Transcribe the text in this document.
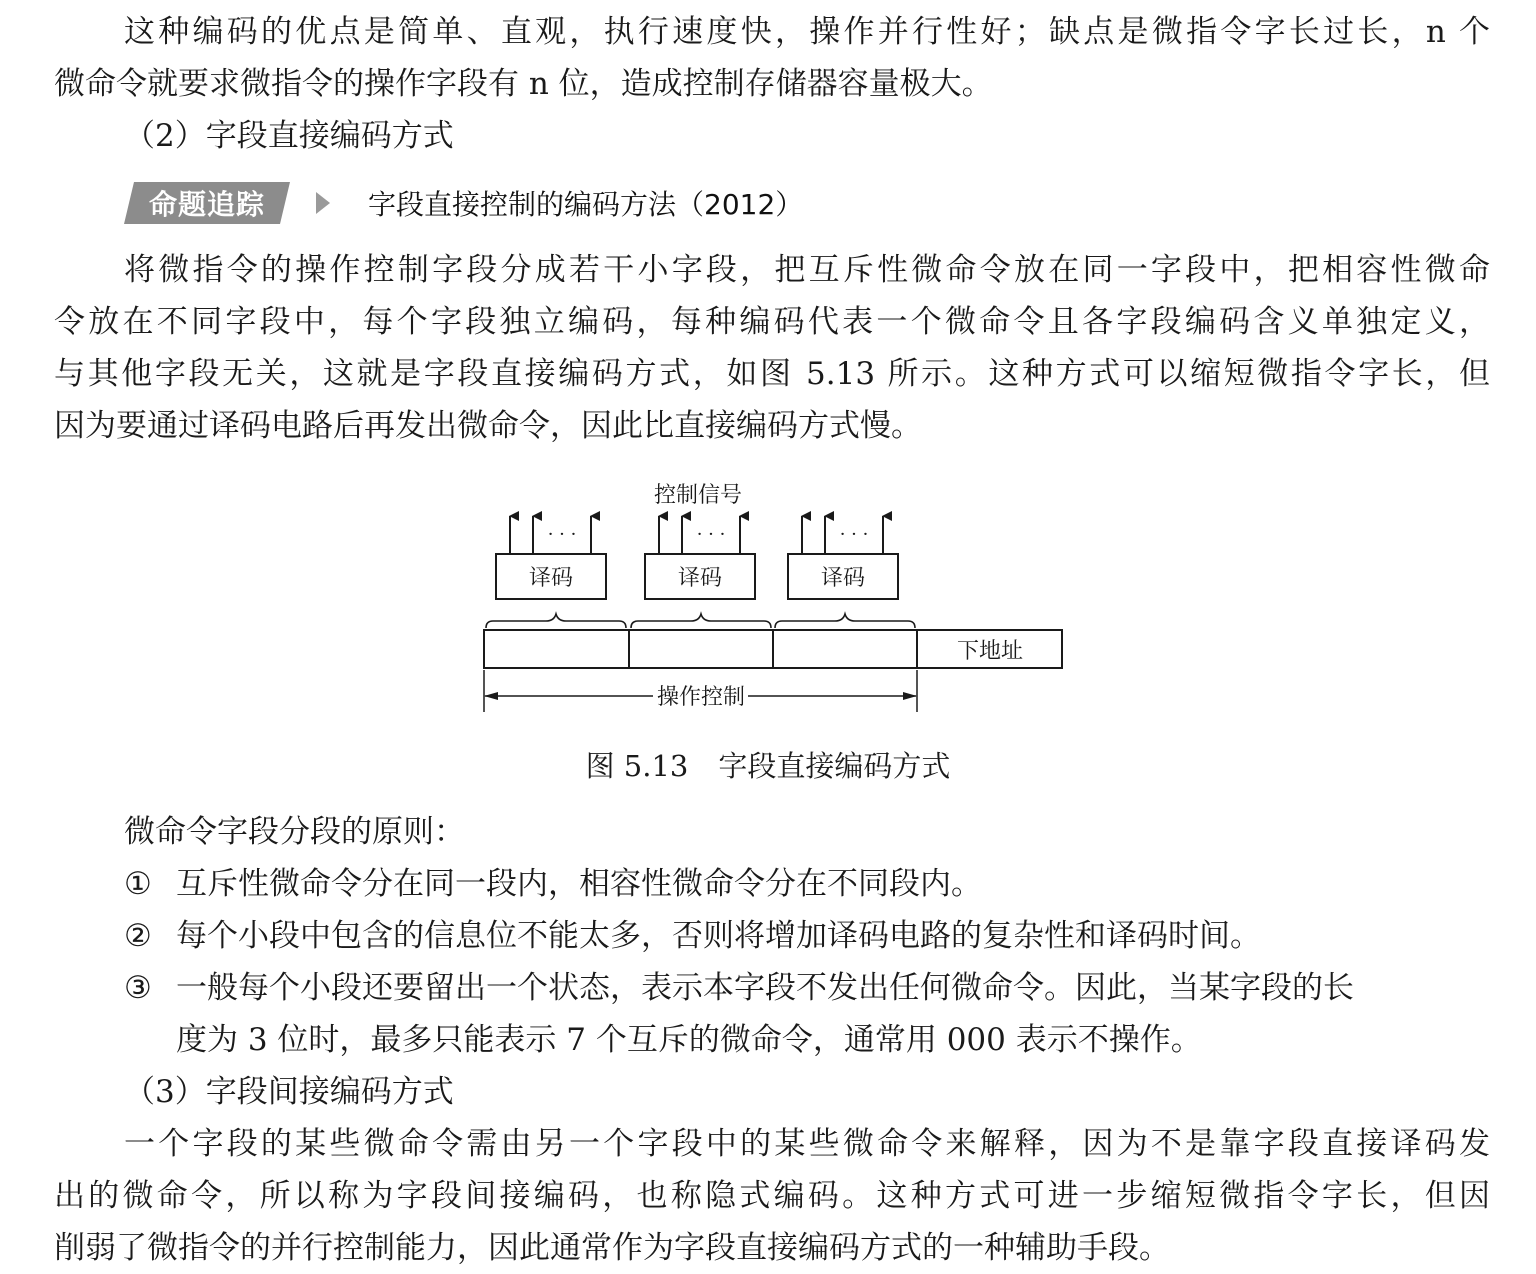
这种编码的优点是简单、直观，执行速度快，操作并行性好；缺点是微指令字长过长，n 个
微命令就要求微指令的操作字段有 n 位，造成控制存储器容量极大。
（2）字段直接编码方式
命题追踪	字段直接控制的编码方法（2012）
将微指令的操作控制字段分成若干小字段，把互斥性微命令放在同一字段中，把相容性微命
令放在不同字段中，每个字段独立编码，每种编码代表一个微命令且各字段编码含义单独定义，
与其他字段无关，这就是字段直接编码方式，如图 5.13 所示。这种方式可以缩短微指令字长，但
因为要通过译码电路后再发出微命令，因此比直接编码方式慢。
控制信号
· · ·
译码
· · ·
译码
· · ·
译码
下地址
操作控制
图 5.13 字段直接编码方式
微命令字段分段的原则：
① 互斥性微命令分在同一段内，相容性微命令分在不同段内。
② 每个小段中包含的信息位不能太多，否则将增加译码电路的复杂性和译码时间。
③ 一般每个小段还要留出一个状态，表示本字段不发出任何微命令。因此，当某字段的长
度为 3 位时，最多只能表示 7 个互斥的微命令，通常用 000 表示不操作。
（3）字段间接编码方式
一个字段的某些微命令需由另一个字段中的某些微命令来解释，因为不是靠字段直接译码发
出的微命令，所以称为字段间接编码，也称隐式编码。这种方式可进一步缩短微指令字长，但因
削弱了微指令的并行控制能力，因此通常作为字段直接编码方式的一种辅助手段。
